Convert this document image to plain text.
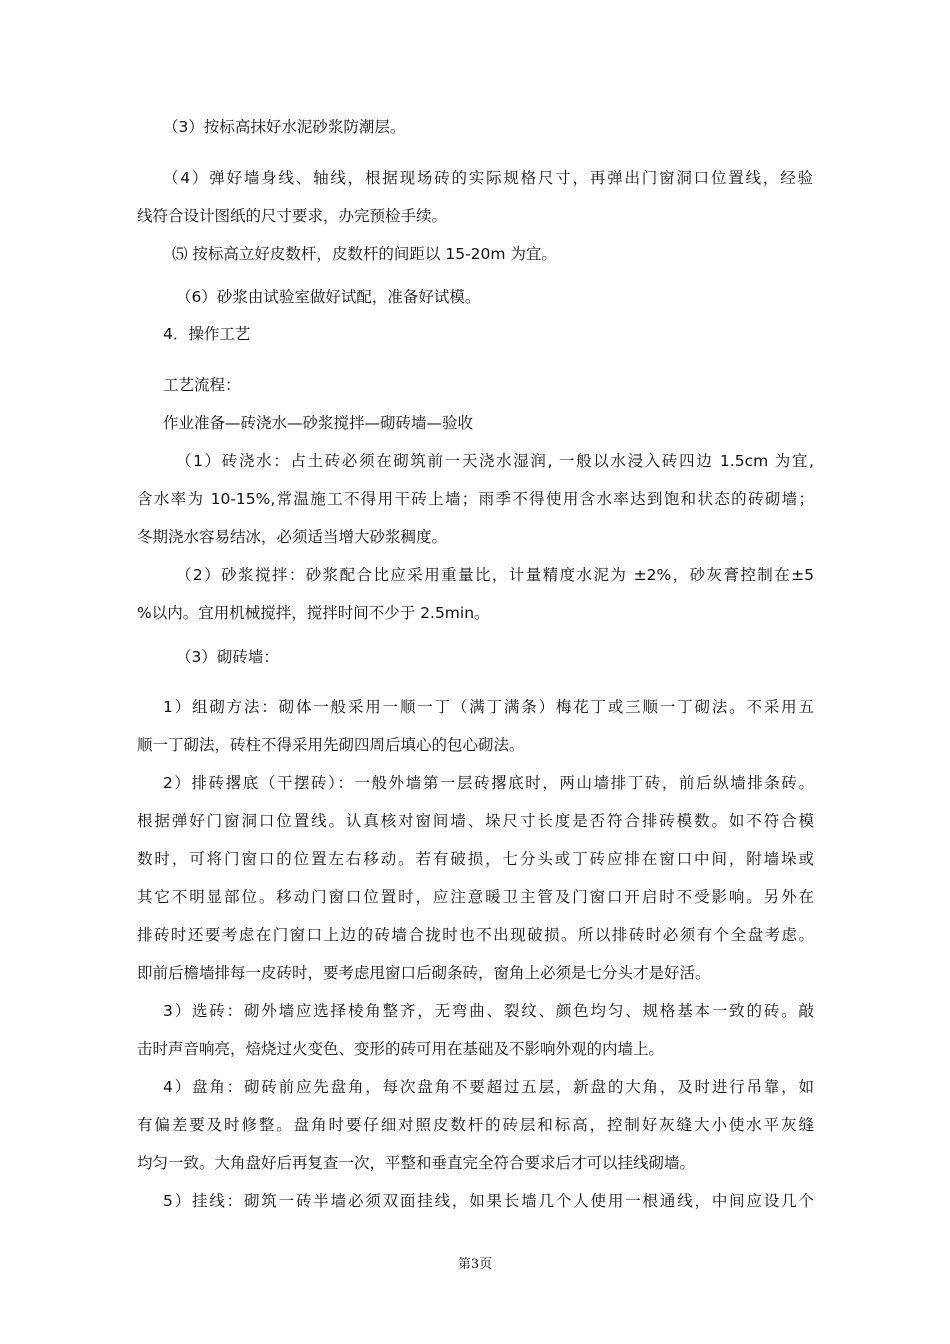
（3）按标高抹好水泥砂浆防潮层。
（4）弹好墙身线、轴线，根据现场砖的实际规格尺寸，再弹出门窗洞口位置线，经验
线符合设计图纸的尺寸要求，办完预检手续。
⑸ 按标高立好皮数杆，皮数杆的间距以 15-20m 为宜。
（6）砂浆由试验室做好试配，准备好试模。
4．操作工艺
工艺流程：
作业准备—砖浇水—砂浆搅拌—砌砖墙—验收
（1）砖浇水：占土砖必须在砌筑前一天浇水湿润, 一般以水浸入砖四边 1.5cm 为宜,
含水率为 10-15%,常温施工不得用干砖上墙；雨季不得使用含水率达到饱和状态的砖砌墙；
冬期浇水容易结冰，必须适当增大砂浆稠度。
（2）砂浆搅拌：砂浆配合比应采用重量比，计量精度水泥为 ±2%，砂灰膏控制在±5
%以内。宜用机械搅拌，搅拌时间不少于 2.5min。
（3）砌砖墙：
1）组砌方法：砌体一般采用一顺一丁（满丁满条）梅花丁或三顺一丁砌法。不采用五
顺一丁砌法，砖柱不得采用先砌四周后填心的包心砌法。
2）排砖撂底（干摆砖）：一般外墙第一层砖撂底时，两山墙排丁砖，前后纵墙排条砖。
根据弹好门窗洞口位置线。认真核对窗间墙、垛尺寸长度是否符合排砖模数。如不符合模
数时，可将门窗口的位置左右移动。若有破损，七分头或丁砖应排在窗口中间，附墙垛或
其它不明显部位。移动门窗口位置时，应注意暖卫主管及门窗口开启时不受影响。另外在
排砖时还要考虑在门窗口上边的砖墙合拢时也不出现破损。所以排砖时必须有个全盘考虑。
即前后檐墙排每一皮砖时，要考虑甩窗口后砌条砖，窗角上必须是七分头才是好活。
3）选砖：砌外墙应选择棱角整齐，无弯曲、裂纹、颜色均匀、规格基本一致的砖。敲
击时声音响亮，焙烧过火变色、变形的砖可用在基础及不影响外观的内墙上。
4）盘角：砌砖前应先盘角，每次盘角不要超过五层，新盘的大角，及时进行吊靠，如
有偏差要及时修整。盘角时要仔细对照皮数杆的砖层和标高，控制好灰缝大小使水平灰缝
均匀一致。大角盘好后再复查一次，平整和垂直完全符合要求后才可以挂线砌墙。
5）挂线：砌筑一砖半墙必须双面挂线，如果长墙几个人使用一根通线，中间应设几个
第3页
